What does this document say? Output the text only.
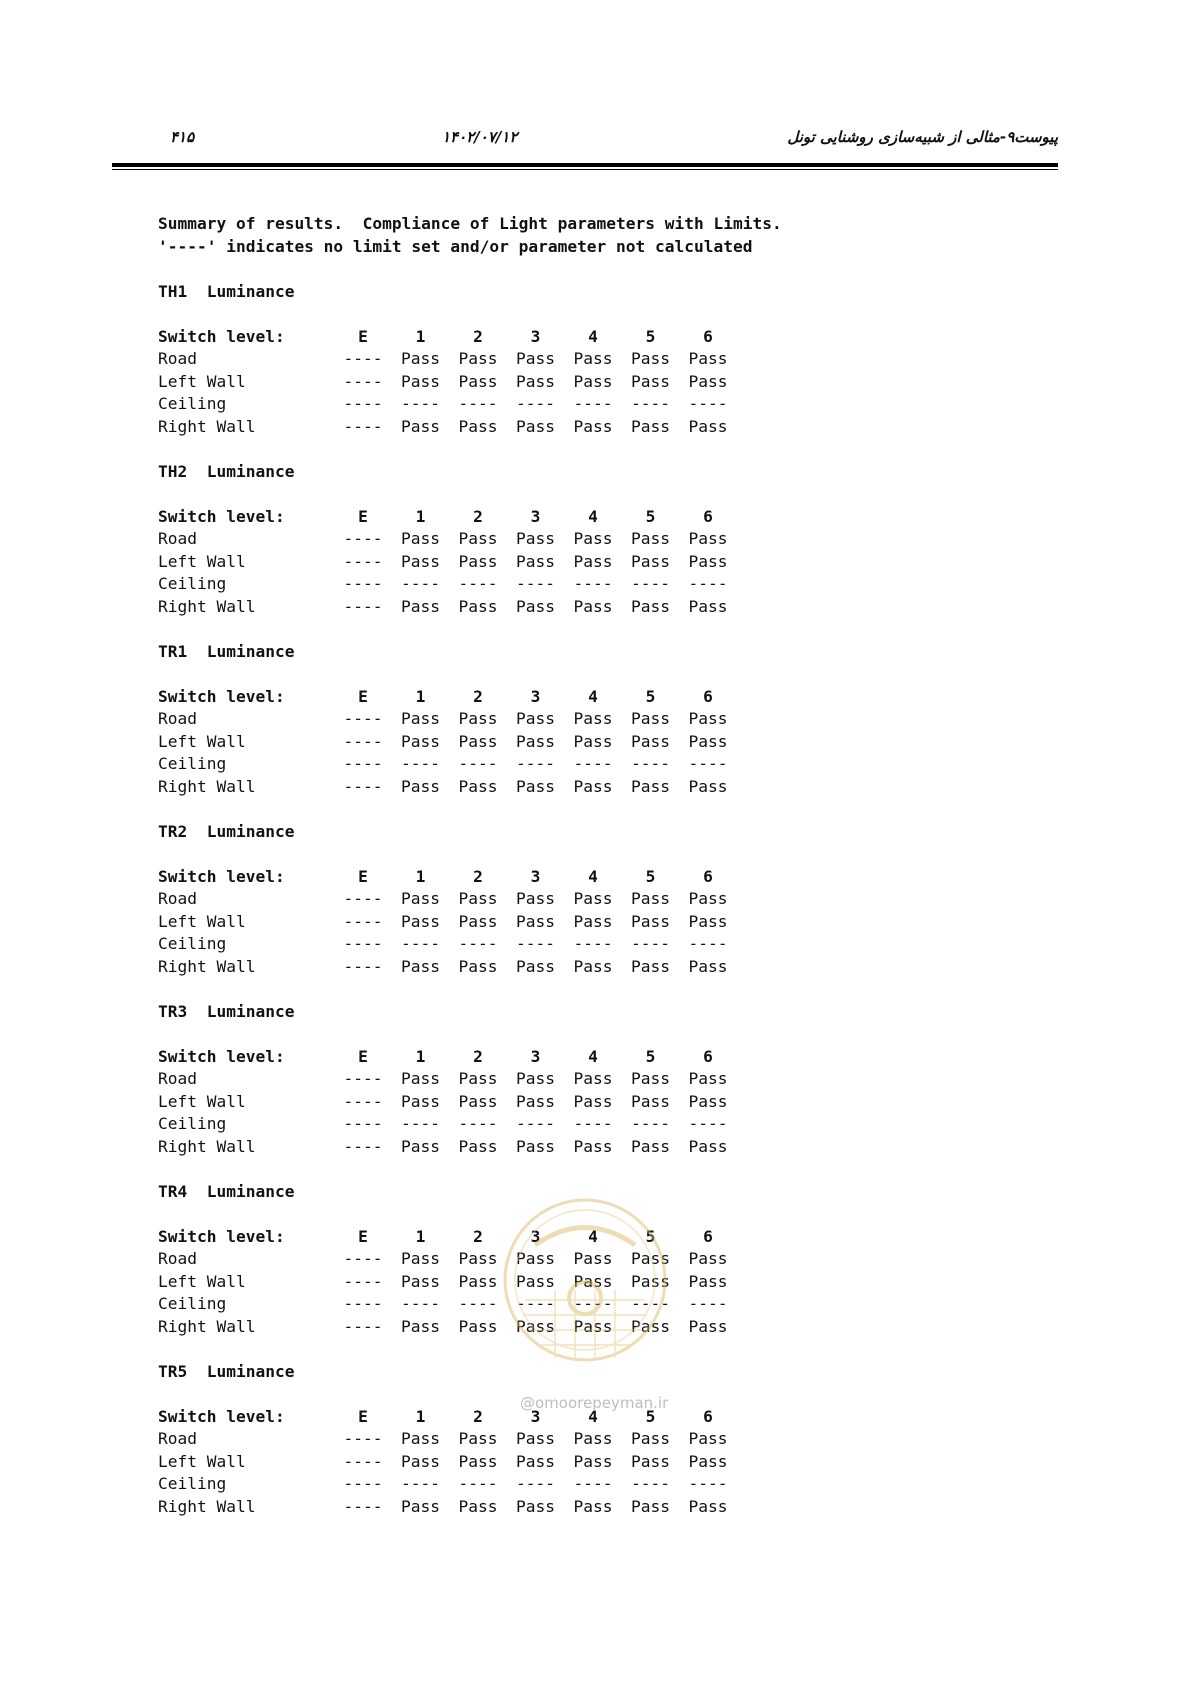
۴۱۵	۱۴۰۲/۰۷/۱۲	پیوست۹-مثالی از شبیه‌سازی روشنایی تونل
Summary of results.  Compliance of Light parameters with Limits.
'----' indicates no limit set and/or parameter not calculated
TH1  Luminance
Switch level:	E	1	2	3	4	5	6
Road	----	Pass	Pass	Pass	Pass	Pass	Pass
Left Wall	----	Pass	Pass	Pass	Pass	Pass	Pass
Ceiling	----	----	----	----	----	----	----
Right Wall	----	Pass	Pass	Pass	Pass	Pass	Pass
TH2  Luminance
Switch level:	E	1	2	3	4	5	6
Road	----	Pass	Pass	Pass	Pass	Pass	Pass
Left Wall	----	Pass	Pass	Pass	Pass	Pass	Pass
Ceiling	----	----	----	----	----	----	----
Right Wall	----	Pass	Pass	Pass	Pass	Pass	Pass
TR1  Luminance
Switch level:	E	1	2	3	4	5	6
Road	----	Pass	Pass	Pass	Pass	Pass	Pass
Left Wall	----	Pass	Pass	Pass	Pass	Pass	Pass
Ceiling	----	----	----	----	----	----	----
Right Wall	----	Pass	Pass	Pass	Pass	Pass	Pass
TR2  Luminance
Switch level:	E	1	2	3	4	5	6
Road	----	Pass	Pass	Pass	Pass	Pass	Pass
Left Wall	----	Pass	Pass	Pass	Pass	Pass	Pass
Ceiling	----	----	----	----	----	----	----
Right Wall	----	Pass	Pass	Pass	Pass	Pass	Pass
TR3  Luminance
Switch level:	E	1	2	3	4	5	6
Road	----	Pass	Pass	Pass	Pass	Pass	Pass
Left Wall	----	Pass	Pass	Pass	Pass	Pass	Pass
Ceiling	----	----	----	----	----	----	----
Right Wall	----	Pass	Pass	Pass	Pass	Pass	Pass
TR4  Luminance
Switch level:	E	1	2	3	4	5	6
Road	----	Pass	Pass	Pass	Pass	Pass	Pass
Left Wall	----	Pass	Pass	Pass	Pass	Pass	Pass
Ceiling	----	----	----	----	----	----	----
Right Wall	----	Pass	Pass	Pass	Pass	Pass	Pass
TR5  Luminance
Switch level:	E	1	2	3	4	5	6
Road	----	Pass	Pass	Pass	Pass	Pass	Pass
Left Wall	----	Pass	Pass	Pass	Pass	Pass	Pass
Ceiling	----	----	----	----	----	----	----
Right Wall	----	Pass	Pass	Pass	Pass	Pass	Pass
@omoorepeyman.ir
